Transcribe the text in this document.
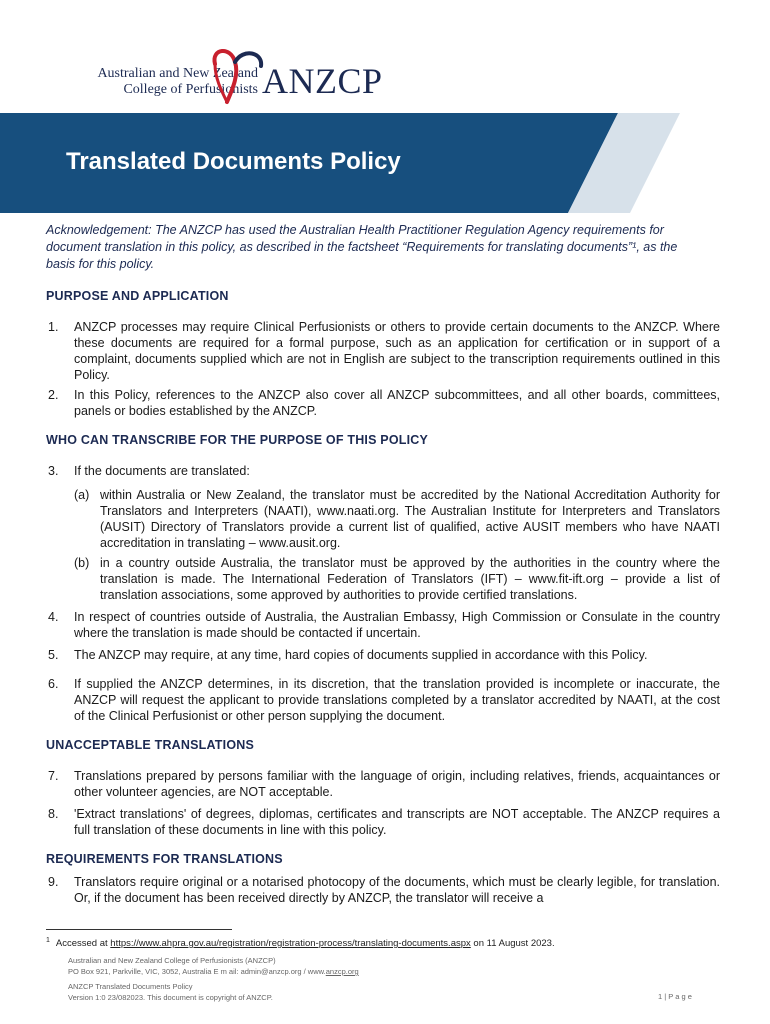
Australian and New Zealand
College of Perfusionists ANZCP
Translated Documents Policy
Acknowledgement: The ANZCP has used the Australian Health Practitioner Regulation Agency requirements for document translation in this policy, as described in the factsheet “Requirements for translating documents”¹, as the basis for this policy.
PURPOSE AND APPLICATION
1.	ANZCP processes may require Clinical Perfusionists or others to provide certain documents to the ANZCP. Where these documents are required for a formal purpose, such as an application for certification or in support of a complaint, documents supplied which are not in English are subject to the transcription requirements outlined in this Policy.
2.	In this Policy, references to the ANZCP also cover all ANZCP subcommittees, and all other boards, committees, panels or bodies established by the ANZCP.
WHO CAN TRANSCRIBE FOR THE PURPOSE OF THIS POLICY
3.	If the documents are translated:
(a) within Australia or New Zealand, the translator must be accredited by the National Accreditation Authority for Translators and Interpreters (NAATI), www.naati.org. The Australian Institute for Interpreters and Translators (AUSIT) Directory of Translators provide a current list of qualified, active AUSIT members who have NAATI accreditation in translating – www.ausit.org.
(b) in a country outside Australia, the translator must be approved by the authorities in the country where the translation is made. The International Federation of Translators (IFT) – www.fit-ift.org – provide a list of translation associations, some approved by authorities to provide certified translations.
4.	In respect of countries outside of Australia, the Australian Embassy, High Commission or Consulate in the country where the translation is made should be contacted if uncertain.
5.	The ANZCP may require, at any time, hard copies of documents supplied in accordance with this Policy.
6.	If supplied the ANZCP determines, in its discretion, that the translation provided is incomplete or inaccurate, the ANZCP will request the applicant to provide translations completed by a translator accredited by NAATI, at the cost of the Clinical Perfusionist or other person supplying the document.
UNACCEPTABLE TRANSLATIONS
7.	Translations prepared by persons familiar with the language of origin, including relatives, friends, acquaintances or other volunteer agencies, are NOT acceptable.
8.	'Extract translations' of degrees, diplomas, certificates and transcripts are NOT acceptable. The ANZCP requires a full translation of these documents in line with this policy.
REQUIREMENTS FOR TRANSLATIONS
9.	Translators require original or a notarised photocopy of the documents, which must be clearly legible, for translation. Or, if the document has been received directly by ANZCP, the translator will receive a
$^1$ Accessed at https://www.ahpra.gov.au/registration/registration-process/translating-documents.aspx on 11 August 2023.
Australian and New Zealand College of Perfusionists (ANZCP)
PO Box 921, Parkville, VIC, 3052, Australia E m ail: admin@anzcp.org / www.anzcp.org
ANZCP Translated Documents Policy
Version 1:0 23/082023. This document is copyright of ANZCP.	1 | P a g e
